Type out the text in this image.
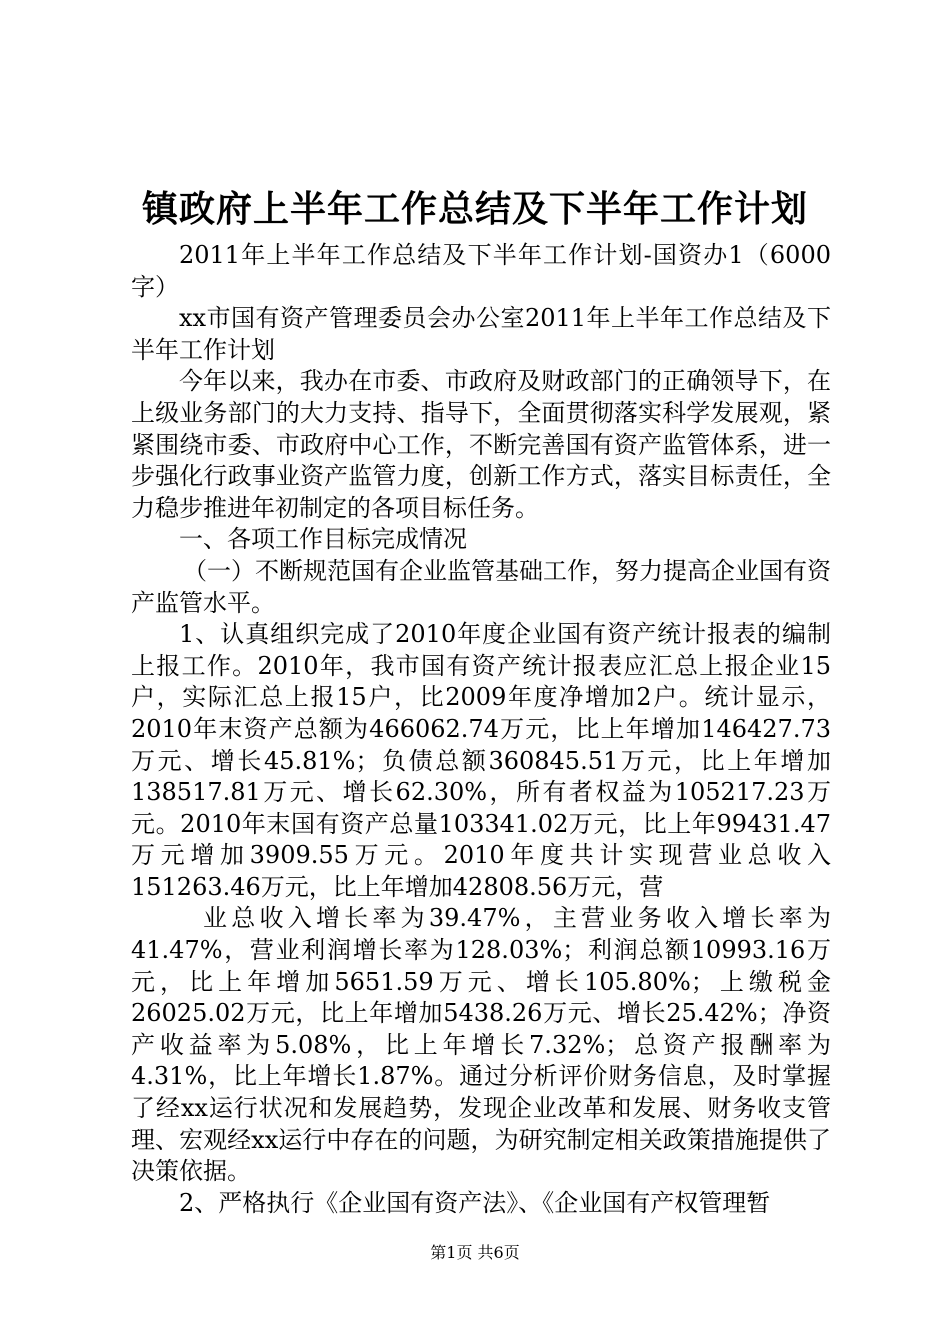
镇政府上半年工作总结及下半年工作计划

2011年上半年工作总结及下半年工作计划-国资办1（6000字）

xx市国有资产管理委员会办公室2011年上半年工作总结及下半年工作计划

今年以来，我办在市委、市政府及财政部门的正确领导下，在上级业务部门的大力支持、指导下，全面贯彻落实科学发展观，紧紧围绕市委、市政府中心工作，不断完善国有资产监管体系，进一步强化行政事业资产监管力度，创新工作方式，落实目标责任，全力稳步推进年初制定的各项目标任务。

一、各项工作目标完成情况

（一）不断规范国有企业监管基础工作，努力提高企业国有资产监管水平。

1、认真组织完成了2010年度企业国有资产统计报表的编制上报工作。2010年，我市国有资产统计报表应汇总上报企业15户，实际汇总上报15户，比2009年度净增加2户。统计显示，2010年末资产总额为466062.74万元，比上年增加146427.73万元、增长45.81%；负债总额360845.51万元，比上年增加138517.81万元、增长62.30%，所有者权益为105217.23万元。2010年末国有资产总量103341.02万元，比上年99431.47万元增加3909.55万元。2010年度共计实现营业总收入151263.46万元，比上年增加42808.56万元，营

业总收入增长率为39.47%，主营业务收入增长率为41.47%，营业利润增长率为128.03%；利润总额10993.16万元，比上年增加5651.59万元、增长105.80%；上缴税金26025.02万元，比上年增加5438.26万元、增长25.42%；净资产收益率为5.08%，比上年增长7.32%；总资产报酬率为4.31%，比上年增长1.87%。通过分析评价财务信息，及时掌握了经xx运行状况和发展趋势，发现企业改革和发展、财务收支管理、宏观经xx运行中存在的问题，为研究制定相关政策措施提供了决策依据。

2、严格执行《企业国有资产法》、《企业国有产权管理暂

第1页 共6页
